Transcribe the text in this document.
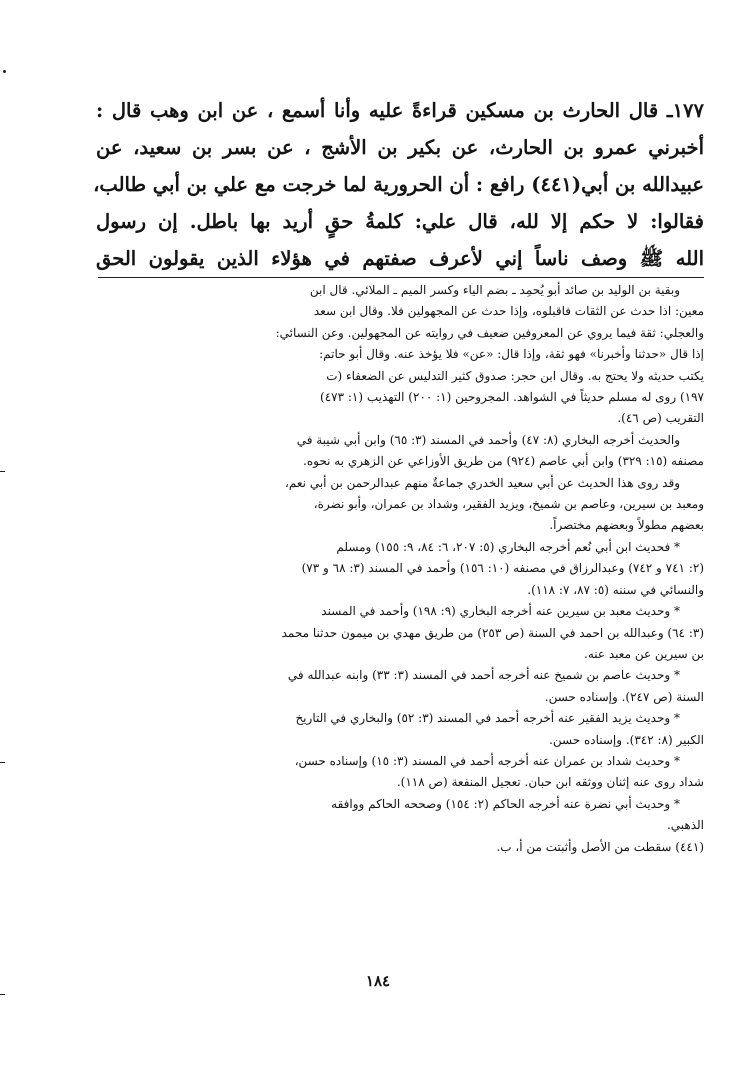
١٧٧ـ قال الحارث بن مسكين قراءةً عليه وأنا أسمع ، عن ابن وهب قال :
أخبرني عمرو بن الحارث، عن بكير بن الأشج ، عن بسر بن سعيد، عن
عبيدالله بن أبي(٤٤١) رافع : أن الحرورية لما خرجت مع علي بن أبي طالب،
فقالوا: لا حكم إلا لله، قال علي: كلمةُ حقٍ أريد بها باطل. إن رسول
الله ﷺ وصف ناساً إني لأعرف صفتهم في هؤلاء الذين يقولون الحق
وبقية بن الوليد بن صائد أبو يُحمِد ـ بضم الياء وكسر الميم ـ الملائي. قال ابن
معين: اذا حدث عن الثقات فاقبلوه، وإذا حدث عن المجهولين فلا. وقال ابن سعد
والعجلي: ثقة فيما يروي عن المعروفين ضعيف في روايته عن المجهولين. وعن النسائي:
إذا قال «حدثنا وأخبرنا» فهو ثقة، وإذا قال: «عن» فلا يؤخذ عنه. وقال أبو حاتم:
يكتب حديثه ولا يحتج به. وقال ابن حجر: صدوق كثير التدليس عن الضعفاء (ت
١٩٧) روى له مسلم حديثاً في الشواهد. المجروحين (١: ٢٠٠) التهذيب (١: ٤٧٣)
التقريب (ص ٤٦).
والحديث أخرجه البخاري (٨: ٤٧) وأحمد في المسند (٣: ٦٥) وابن أبي شيبة في
مصنفه (١٥: ٣٢٩) وابن أبي عاصم (٩٢٤) من طريق الأوزاعي عن الزهري به نحوه.
وقد روى هذا الحديث عن أبي سعيد الخدري جماعةٌ منهم عبدالرحمن بن أبي نعم،
ومعبد بن سيرين، وعاصم بن شميخ، ويزيد الفقير، وشداد بن عمران، وأبو نضرة،
بعضهم مطولاً وبعضهم مختصراً.
* فحديث ابن أبي نُعم أخرجه البخاري (٥: ٢٠٧، ٦: ٨٤، ٩: ١٥٥) ومسلم
(٢: ٧٤١ و ٧٤٢) وعبدالرزاق في مصنفه (١٠: ١٥٦) وأحمد في المسند (٣: ٦٨ و ٧٣)
والنسائي في سننه (٥: ٨٧، ٧: ١١٨).
* وحديث معبد بن سيرين عنه أخرجه البخاري (٩: ١٩٨) وأحمد في المسند
(٣: ٦٤) وعبدالله بن احمد في السنة (ص ٢٥٣) من طريق مهدي بن ميمون حدثنا محمد
بن سيرين عن معبد عنه.
* وحديث عاصم بن شميخ عنه أخرجه أحمد في المسند (٣: ٣٣) وابنه عبدالله في
السنة (ص ٢٤٧). وإسناده حسن.
* وحديث يزيد الفقير عنه أخرجه أحمد في المسند (٣: ٥٢) والبخاري في التاريخ
الكبير (٨: ٣٤٢). وإسناده حسن.
* وحديث شداد بن عمران عنه أخرجه أحمد في المسند (٣: ١٥) وإسناده حسن،
شداد روى عنه إثنان ووثقه ابن حبان. تعجيل المنفعة (ص ١١٨).
* وحديث أبي نضرة عنه أخرجه الحاكم (٢: ١٥٤) وصححه الحاكم ووافقه
الذهبي.
(٤٤١) سقطت من الأصل وأثبتت من أ، ب.
١٨٤
